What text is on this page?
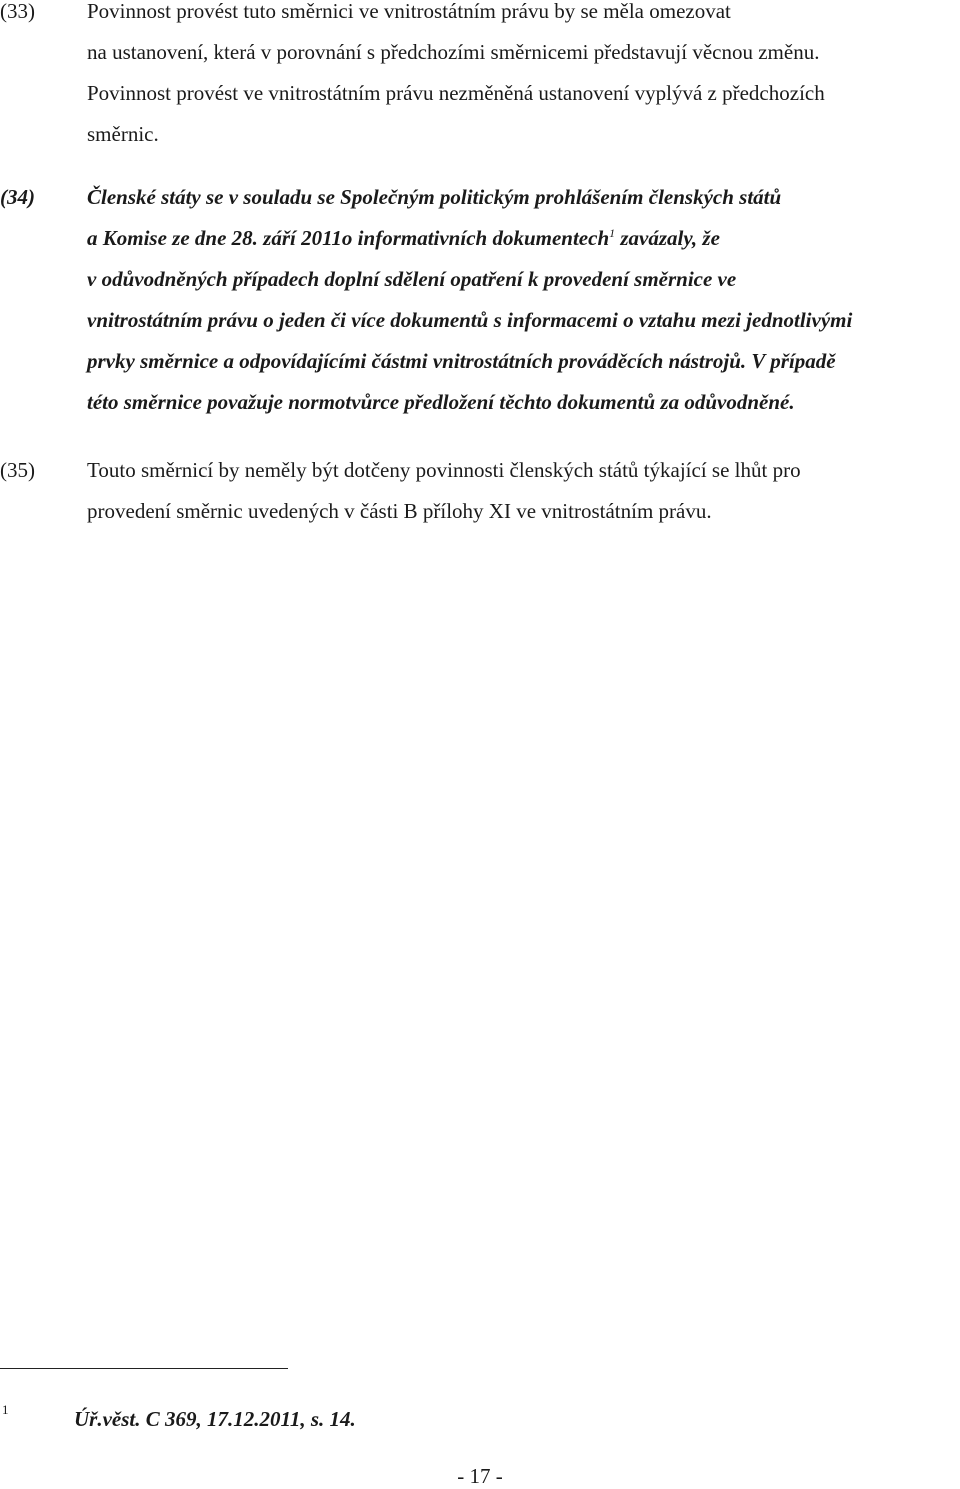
(33) Povinnost provést tuto směrnici ve vnitrostátním právu by se měla omezovat
na ustanovení, která v porovnání s předchozími směrnicemi představují věcnou změnu.
Povinnost provést ve vnitrostátním právu nezměněná ustanovení vyplývá z předchozích
směrnic.
(34) Členské státy se v souladu se Společným politickým prohlášením členských států
a Komise ze dne 28. září 2011o informativních dokumentech$^1$ zavázaly, že
v odůvodněných případech doplní sdělení opatření k provedení směrnice ve
vnitrostátním právu o jeden či více dokumentů s informacemi o vztahu mezi jednotlivými
prvky směrnice a odpovídajícími částmi vnitrostátních prováděcích nástrojů. V případě
této směrnice považuje normotvůrce předložení těchto dokumentů za odůvodněné.
(35) Touto směrnicí by neměly být dotčeny povinnosti členských států týkající se lhůt pro
provedení směrnic uvedených v části B přílohy XI ve vnitrostátním právu.
1	Úř.věst. C 369, 17.12.2011, s. 14.
- 17 -
